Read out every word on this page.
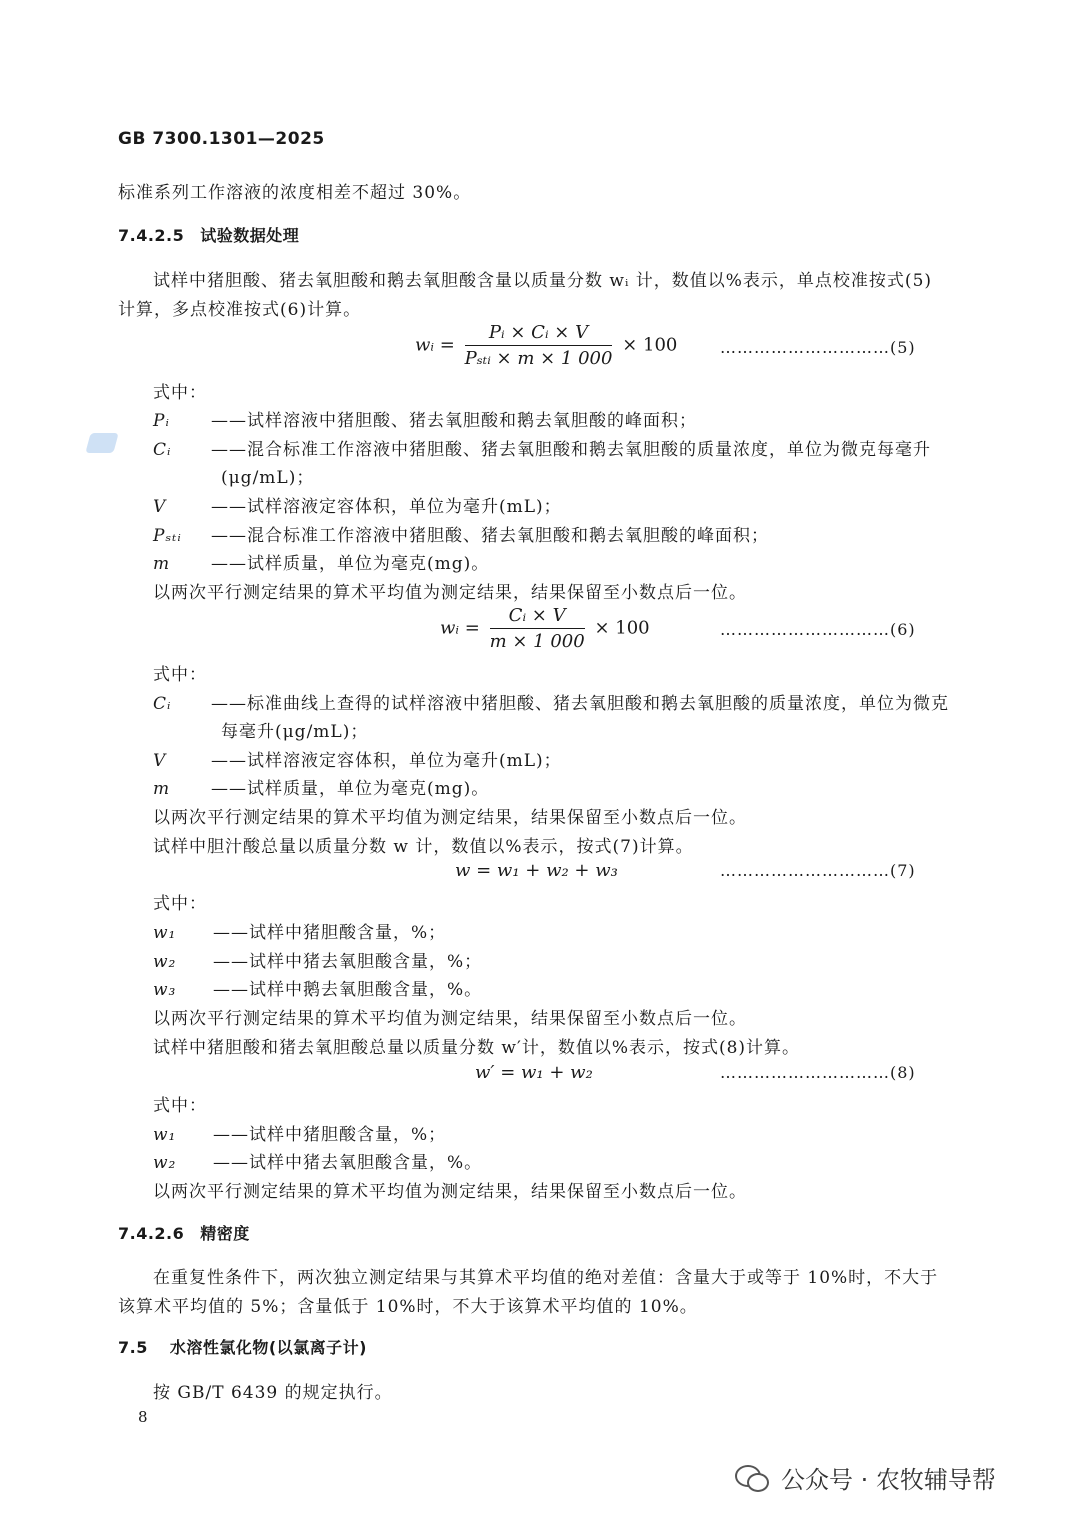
GB 7300.1301—2025
标准系列工作溶液的浓度相差不超过 30%。
7.4.2.5 试验数据处理
试样中猪胆酸、猪去氧胆酸和鹅去氧胆酸含量以质量分数 wᵢ 计，数值以%表示，单点校准按式(5)
计算，多点校准按式(6)计算。
wᵢ = $\frac{\text{Pᵢ × Cᵢ × V}}{\text{Pₛₜᵢ × m × 1 000}} \times 100$	…………………………(5)
式中：
Pᵢ ——试样溶液中猪胆酸、猪去氧胆酸和鹅去氧胆酸的峰面积；
Cᵢ ——混合标准工作溶液中猪胆酸、猪去氧胆酸和鹅去氧胆酸的质量浓度，单位为微克每毫升
(μg/mL)；
V	——试样溶液定容体积，单位为毫升(mL)；
Pₛₜᵢ ——混合标准工作溶液中猪胆酸、猪去氧胆酸和鹅去氧胆酸的峰面积；
m ——试样质量，单位为毫克(mg)。
以两次平行测定结果的算术平均值为测定结果，结果保留至小数点后一位。
wᵢ = $\frac{\text{Cᵢ × V}}{m \times 1 000} \times 100$	…………………………(6)
式中：
Cᵢ ——标准曲线上查得的试样溶液中猪胆酸、猪去氧胆酸和鹅去氧胆酸的质量浓度，单位为微克
每毫升(μg/mL)；
V	——试样溶液定容体积，单位为毫升(mL)；
m ——试样质量，单位为毫克(mg)。
以两次平行测定结果的算术平均值为测定结果，结果保留至小数点后一位。
试样中胆汁酸总量以质量分数 w 计，数值以%表示，按式(7)计算。
w = w₁ + w₂ + w₃	…………………………(7)
式中：
w₁ ——试样中猪胆酸含量，%；
w₂ ——试样中猪去氧胆酸含量，%；
w₃ ——试样中鹅去氧胆酸含量，%。
以两次平行测定结果的算术平均值为测定结果，结果保留至小数点后一位。
试样中猪胆酸和猪去氧胆酸总量以质量分数 w′计，数值以%表示，按式(8)计算。
w′ = w₁ + w₂	…………………………(8)
式中：
w₁ ——试样中猪胆酸含量，%；
w₂ ——试样中猪去氧胆酸含量，%。
以两次平行测定结果的算术平均值为测定结果，结果保留至小数点后一位。
7.4.2.6 精密度
在重复性条件下，两次独立测定结果与其算术平均值的绝对差值：含量大于或等于 10%时，不大于
该算术平均值的 5%；含量低于 10%时，不大于该算术平均值的 10%。
7.5 水溶性氯化物(以氯离子计)
按 GB/T 6439 的规定执行。
8
公众号 · 农牧辅导帮
